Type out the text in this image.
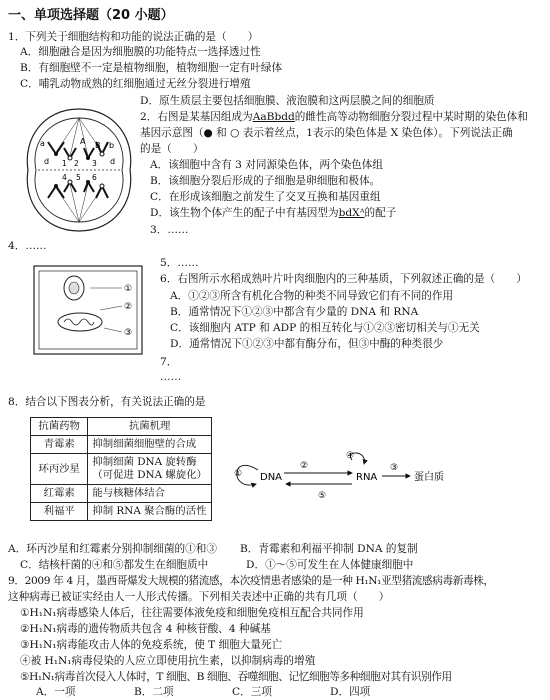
一、单项选择题（20 小题）
1．下列关于细胞结构和功能的说法正确的是（　　）
A．细胞融合是因为细胞膜的功能特点一选择透过性
B．有细胞壁不一定是植物细胞，植物细胞一定有叶绿体
C．哺乳动物成熟的红细胞通过无丝分裂进行增殖
D．原生质层主要包括细胞膜、液泡膜和这两层膜之间的细胞质
A B
a	b
d	d
1 2 3
4 5 6
2．右图是某基因组成为AaBbdd的雌性高等动物细胞分裂过程中某时期的染色体和
基因示意图（● 和 ○ 表示着丝点，1表示的染色体是 X 染色体）。下列说法正确
的是（　　）
A．该细胞中含有 3 对同源染色体，两个染色体组
B．该细胞分裂后形成的子细胞是卵细胞和极体。
C．在形成该细胞之前发生了交叉互换和基因重组
D．该生物个体产生的配子中有基因型为bdXᴬ的配子
3．……
4．……
①
②
③
5．……
6．右图所示水稻成熟叶片叶肉细胞内的三种基质，下列叙述正确的是（　　）
A．①②③所含有机化合物的种类不同导致它们有不同的作用
B．通常情况下①②③中都含有少量的 DNA 和 RNA
C．该细胞内 ATP 和 ADP 的相互转化与①②③密切相关与①无关
D．通常情况下①②③中都有酶分布，但③中酶的种类很少
7．
……
8．结合以下图表分析，有关说法正确的是
抗菌药物	抗菌机理
青霉素	抑制细菌细胞壁的合成
环丙沙星	抑制细菌 DNA 旋转酶
（可促进 DNA 螺旋化）

红霉素	能与核糖体结合
利福平	抑制 RNA 聚合酶的活性
① DNA
②
⑤
④
RNA
③
蛋白质
A．环丙沙星和红霉素分别抑制细菌的①和③ B．青霉素和利福平抑制 DNA 的复制
C．结核杆菌的④和⑤都发生在细胞质中	D．①～⑤可发生在人体健康细胞中
9．2009 年 4 月，墨西哥爆发大规模的猪流感，本次疫情患者感染的是一种 H₁N₁亚型猪流感病毒新毒株，
这种病毒已被证实经由人一人形式传播。下列相关表述中正确的共有几项（　　）
①H₁N₁病毒感染人体后，往往需要体液免疫和细胞免疫相互配合共同作用
②H₁N₁病毒的遗传物质共包含 4 种核苷酸、4 种碱基
③H₁N₁病毒能攻击人体的免疫系统，使 T 细胞大量死亡
④被 H₁N₁病毒侵染的人应立即使用抗生素，以抑制病毒的增殖
⑤H₁N₁病毒首次侵入人体时，T 细胞、B 细胞、吞噬细胞、记忆细胞等多种细胞对其有识别作用
A．一项	B．二项	C．三项	D．四项
